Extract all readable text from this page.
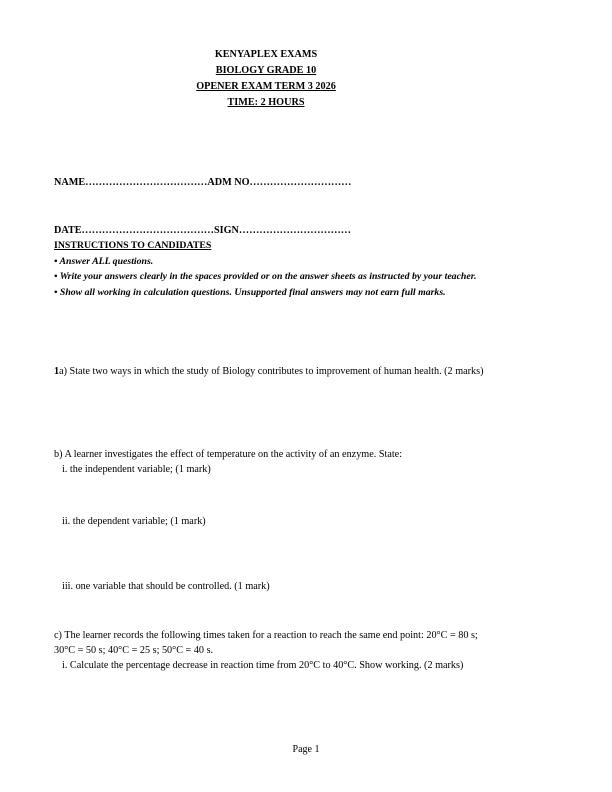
KENYAPLEX EXAMS
BIOLOGY GRADE 10
OPENER EXAM TERM 3 2026
TIME: 2 HOURS

NAME………………………………ADM NO…………………………

DATE…………………………………SIGN……………………………

INSTRUCTIONS TO CANDIDATES
• Answer ALL questions.
• Write your answers clearly in the spaces provided or on the answer sheets as instructed by your teacher.
• Show all working in calculation questions. Unsupported final answers may not earn full marks.
1a) State two ways in which the study of Biology contributes to improvement of human health. (2 marks)
b) A learner investigates the effect of temperature on the activity of an enzyme. State:
i. the independent variable; (1 mark)
ii. the dependent variable; (1 mark)
iii. one variable that should be controlled. (1 mark)
c) The learner records the following times taken for a reaction to reach the same end point: 20°C = 80 s;
30°C = 50 s; 40°C = 25 s; 50°C = 40 s.
i. Calculate the percentage decrease in reaction time from 20°C to 40°C. Show working. (2 marks)
Page 1
